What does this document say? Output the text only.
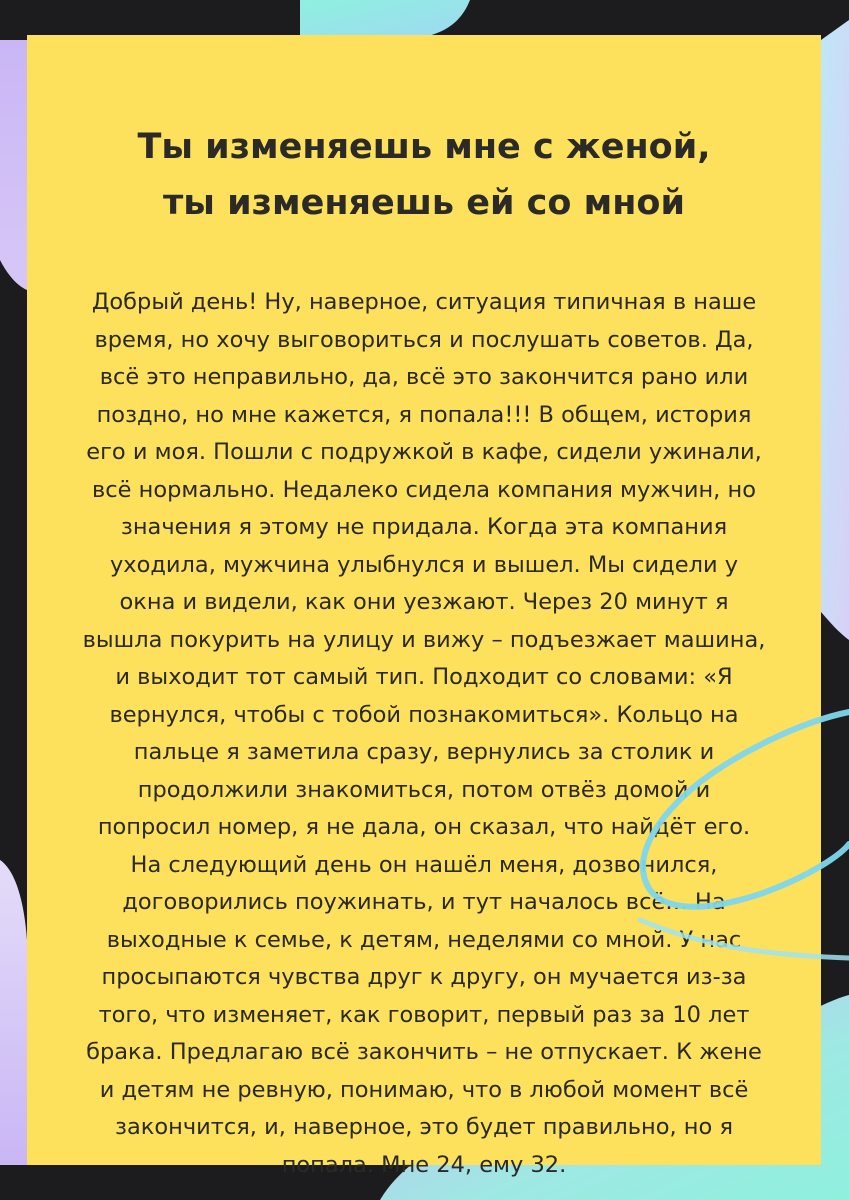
Ты изменяешь мне с женой,
ты изменяешь ей со мной
Добрый день! Ну, наверное, ситуация типичная в наше
время, но хочу выговориться и послушать советов. Да,
всё это неправильно, да, всё это закончится рано или
поздно, но мне кажется, я попала!!! В общем, история
его и моя. Пошли с подружкой в кафе, сидели ужинали,
всё нормально. Недалеко сидела компания мужчин, но
значения я этому не придала. Когда эта компания
уходила, мужчина улыбнулся и вышел. Мы сидели у
окна и видели, как они уезжают. Через 20 минут я
вышла покурить на улицу и вижу – подъезжает машина,
и выходит тот самый тип. Подходит со словами: «Я
вернулся, чтобы с тобой познакомиться». Кольцо на
пальце я заметила сразу, вернулись за столик и
продолжили знакомиться, потом отвёз домой и
попросил номер, я не дала, он сказал, что найдёт его.
На следующий день он нашёл меня, дозвонился,
договорились поужинать, и тут началось всё… На
выходные к семье, к детям, неделями со мной. У нас
просыпаются чувства друг к другу, он мучается из-за
того, что изменяет, как говорит, первый раз за 10 лет
брака. Предлагаю всё закончить – не отпускает. К жене
и детям не ревную, понимаю, что в любой момент всё
закончится, и, наверное, это будет правильно, но я
попала. Мне 24, ему 32.
